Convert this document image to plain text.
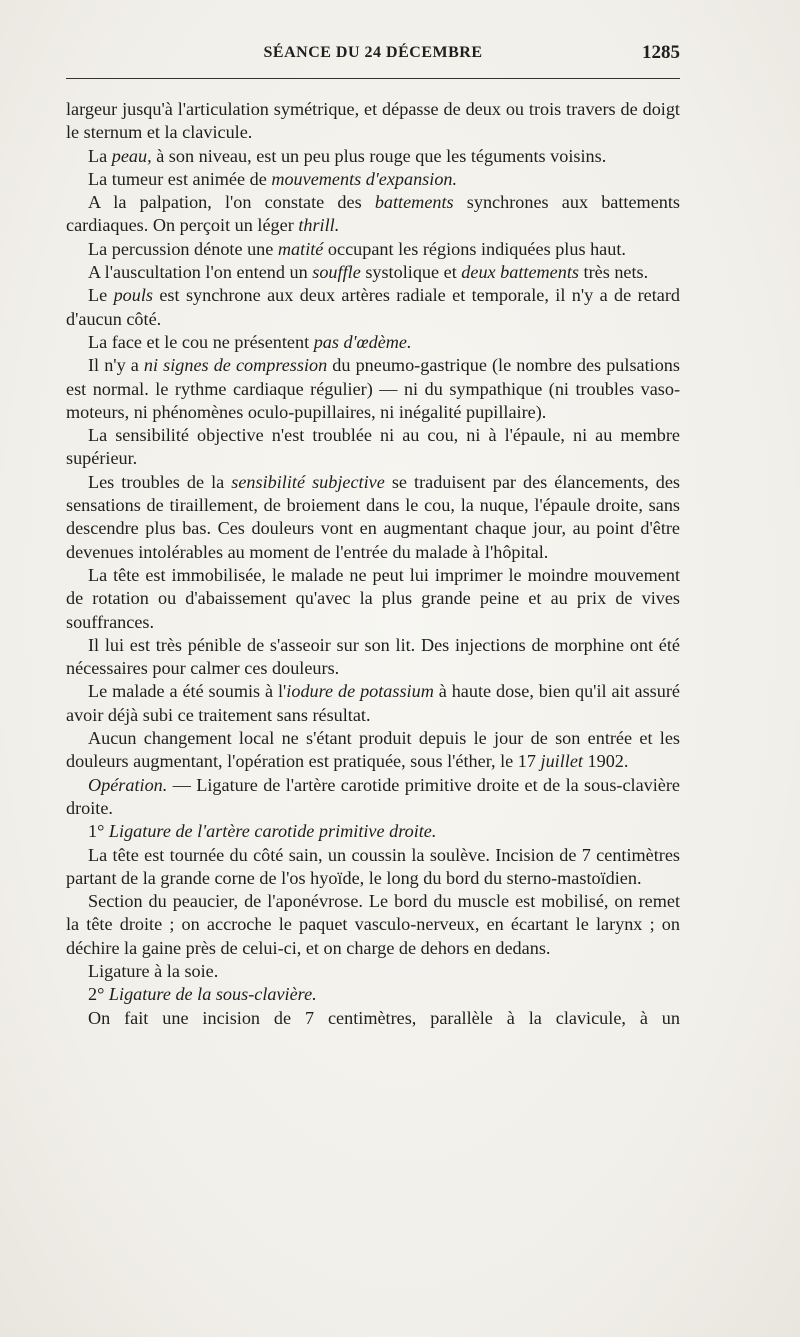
SÉANCE DU 24 DÉCEMBRE	1285

largeur jusqu'à l'articulation symétrique, et dépasse de deux ou trois travers de doigt le sternum et la clavicule.

La peau, à son niveau, est un peu plus rouge que les téguments voisins.

La tumeur est animée de mouvements d'expansion.

A la palpation, l'on constate des battements synchrones aux battements cardiaques. On perçoit un léger thrill.

La percussion dénote une matité occupant les régions indiquées plus haut.

A l'auscultation l'on entend un souffle systolique et deux battements très nets.

Le pouls est synchrone aux deux artères radiale et temporale, il n'y a de retard d'aucun côté.

La face et le cou ne présentent pas d'œdème.

Il n'y a ni signes de compression du pneumo-gastrique (le nombre des pulsations est normal. le rythme cardiaque régulier) — ni du sympathique (ni troubles vaso-moteurs, ni phénomènes oculo-pupillaires, ni inégalité pupillaire).

La sensibilité objective n'est troublée ni au cou, ni à l'épaule, ni au membre supérieur.

Les troubles de la sensibilité subjective se traduisent par des élancements, des sensations de tiraillement, de broiement dans le cou, la nuque, l'épaule droite, sans descendre plus bas. Ces douleurs vont en augmentant chaque jour, au point d'être devenues intolérables au moment de l'entrée du malade à l'hôpital.

La tête est immobilisée, le malade ne peut lui imprimer le moindre mouvement de rotation ou d'abaissement qu'avec la plus grande peine et au prix de vives souffrances.

Il lui est très pénible de s'asseoir sur son lit. Des injections de morphine ont été nécessaires pour calmer ces douleurs.

Le malade a été soumis à l'iodure de potassium à haute dose, bien qu'il ait assuré avoir déjà subi ce traitement sans résultat.

Aucun changement local ne s'étant produit depuis le jour de son entrée et les douleurs augmentant, l'opération est pratiquée, sous l'éther, le 17 juillet 1902.

Opération. — Ligature de l'artère carotide primitive droite et de la sous-clavière droite.

1° Ligature de l'artère carotide primitive droite.

La tête est tournée du côté sain, un coussin la soulève. Incision de 7 centimètres partant de la grande corne de l'os hyoïde, le long du bord du sterno-mastoïdien.

Section du peaucier, de l'aponévrose. Le bord du muscle est mobilisé, on remet la tête droite ; on accroche le paquet vasculo-nerveux, en écartant le larynx ; on déchire la gaine près de celui-ci, et on charge de dehors en dedans.

Ligature à la soie.

2° Ligature de la sous-clavière.

On fait une incision de 7 centimètres, parallèle à la clavicule, à un
